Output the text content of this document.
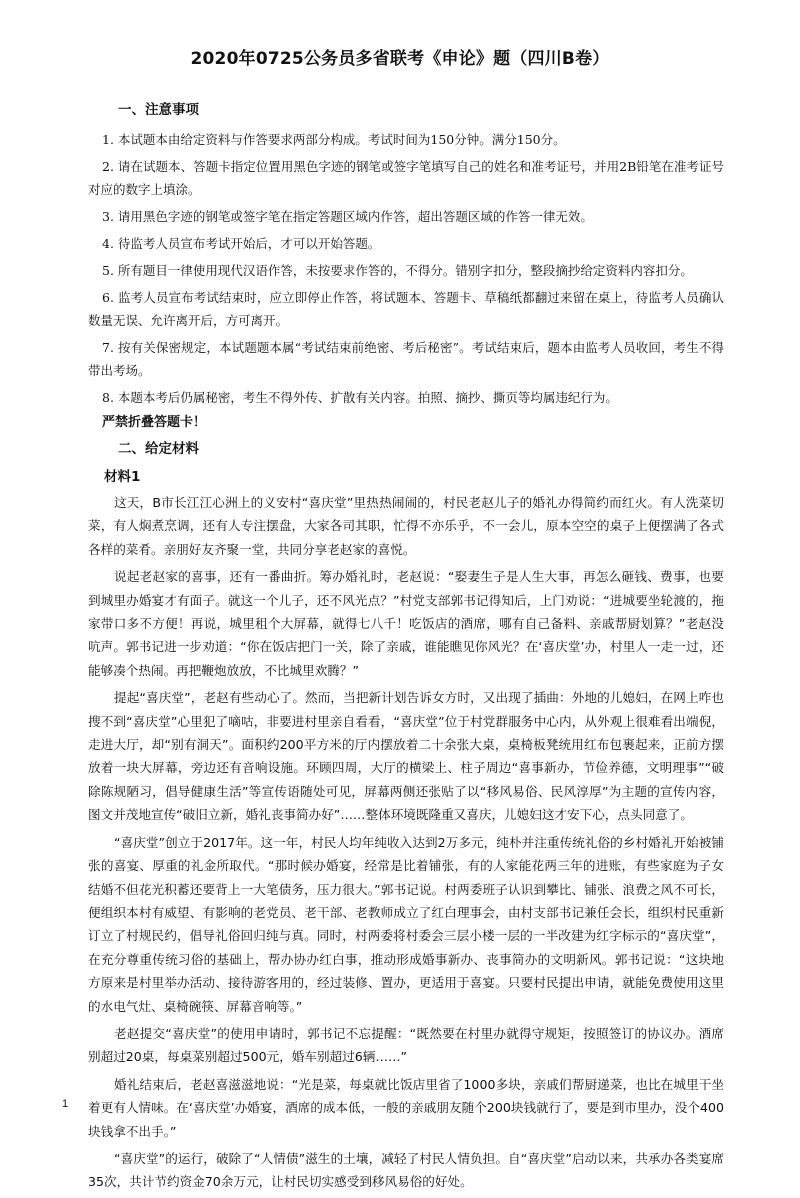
2020年0725公务员多省联考《申论》题（四川B卷）
一、注意事项

1. 本试题本由给定资料与作答要求两部分构成。考试时间为150分钟。满分150分。

2. 请在试题本、答题卡指定位置用黑色字迹的钢笔或签字笔填写自己的姓名和准考证号，并用2B铅笔在准考证号对应的数字上填涂。

3. 请用黑色字迹的钢笔或签字笔在指定答题区域内作答，超出答题区域的作答一律无效。

4. 待监考人员宣布考试开始后，才可以开始答题。

5. 所有题目一律使用现代汉语作答，未按要求作答的，不得分。错别字扣分，整段摘抄给定资料内容扣分。

6. 监考人员宣布考试结束时，应立即停止作答，将试题本、答题卡、草稿纸都翻过来留在桌上，待监考人员确认数量无误、允许离开后，方可离开。

7. 按有关保密规定，本试题题本属“考试结束前绝密、考后秘密”。考试结束后，题本由监考人员收回，考生不得带出考场。

8. 本题本考后仍属秘密，考生不得外传、扩散有关内容。拍照、摘抄、撕页等均属违纪行为。

严禁折叠答题卡！
二、给定材料
材料1

这天，B市长江江心洲上的义安村“喜庆堂”里热热闹闹的，村民老赵儿子的婚礼办得简约而红火。有人洗菜切菜，有人焖煮烹调，还有人专注摆盘，大家各司其职，忙得不亦乐乎，不一会儿，原本空空的桌子上便摆满了各式各样的菜肴。亲朋好友齐聚一堂，共同分享老赵家的喜悦。

说起老赵家的喜事，还有一番曲折。筹办婚礼时，老赵说：“娶妻生子是人生大事，再怎么砸钱、费事，也要到城里办婚宴才有面子。就这一个儿子，还不风光点？”村党支部郭书记得知后，上门劝说：“进城要坐轮渡的，拖家带口多不方便！再说，城里租个大屏幕，就得七八千！吃饭店的酒席，哪有自己备料、亲戚帮厨划算？”老赵没吭声。郭书记进一步劝道：“你在饭店把门一关，除了亲戚，谁能瞧见你风光？在‘喜庆堂’办，村里人一走一过，还能够凑个热闹。再把鞭炮放放，不比城里欢腾？”

提起“喜庆堂”，老赵有些动心了。然而，当把新计划告诉女方时，又出现了插曲：外地的儿媳妇，在网上咋也搜不到“喜庆堂”心里犯了嘀咕，非要进村里亲自看看，“喜庆堂”位于村党群服务中心内，从外观上很难看出端倪，走进大厅，却“别有洞天”。面积约200平方米的厅内摆放着二十余张大桌，桌椅板凳统用红布包裹起来，正前方摆放着一块大屏幕，旁边还有音响设施。环顾四周，大厅的横梁上、柱子周边“喜事新办，节俭养德，文明理事”“破除陈规陋习，倡导健康生活”等宣传语随处可见，屏幕两侧还张贴了以“移风易俗、民风淳厚”为主题的宣传内容，图文并茂地宣传“破旧立新，婚礼丧事简办好”……整体环境既隆重又喜庆，儿媳妇这才安下心，点头同意了。

“喜庆堂”创立于2017年。这一年，村民人均年纯收入达到2万多元，纯朴并注重传统礼俗的乡村婚礼开始被铺张的喜宴、厚重的礼金所取代。“那时候办婚宴，经常是比着铺张，有的人家能花两三年的进账，有些家庭为子女结婚不但花光积蓄还要背上一大笔债务，压力很大。”郭书记说。村两委班子认识到攀比、铺张、浪费之风不可长，便组织本村有威望、有影响的老党员、老干部、老教师成立了红白理事会，由村支部书记兼任会长，组织村民重新订立了村规民约，倡导礼俗回归纯与真。同时，村两委将村委会三层小楼一层的一半改建为红字标示的“喜庆堂”，在充分尊重传统习俗的基础上，帮办协办红白事，推动形成婚事新办、丧事简办的文明新风。郭书记说：“这块地方原来是村里举办活动、接待游客用的，经过装修、置办，更适用于喜宴。只要村民提出申请，就能免费使用这里的水电气灶、桌椅碗筷、屏幕音响等。”

老赵提交“喜庆堂”的使用申请时，郭书记不忘提醒：“既然要在村里办就得守规矩，按照签订的协议办。酒席别超过20桌，每桌菜别超过500元，婚车别超过6辆……”

婚礼结束后，老赵喜滋滋地说：“光是菜，每桌就比饭店里省了1000多块，亲戚们帮厨递菜，也比在城里干坐着更有人情味。在‘喜庆堂’办婚宴，酒席的成本低，一般的亲戚朋友随个200块钱就行了，要是到市里办，没个400块钱拿不出手。”

“喜庆堂”的运行，破除了“人情债”滋生的土壤，减轻了村民人情负担。自“喜庆堂”启动以来，共承办各类宴席35次，共计节约资金70余万元，让村民切实感受到移风易俗的好处。

1
